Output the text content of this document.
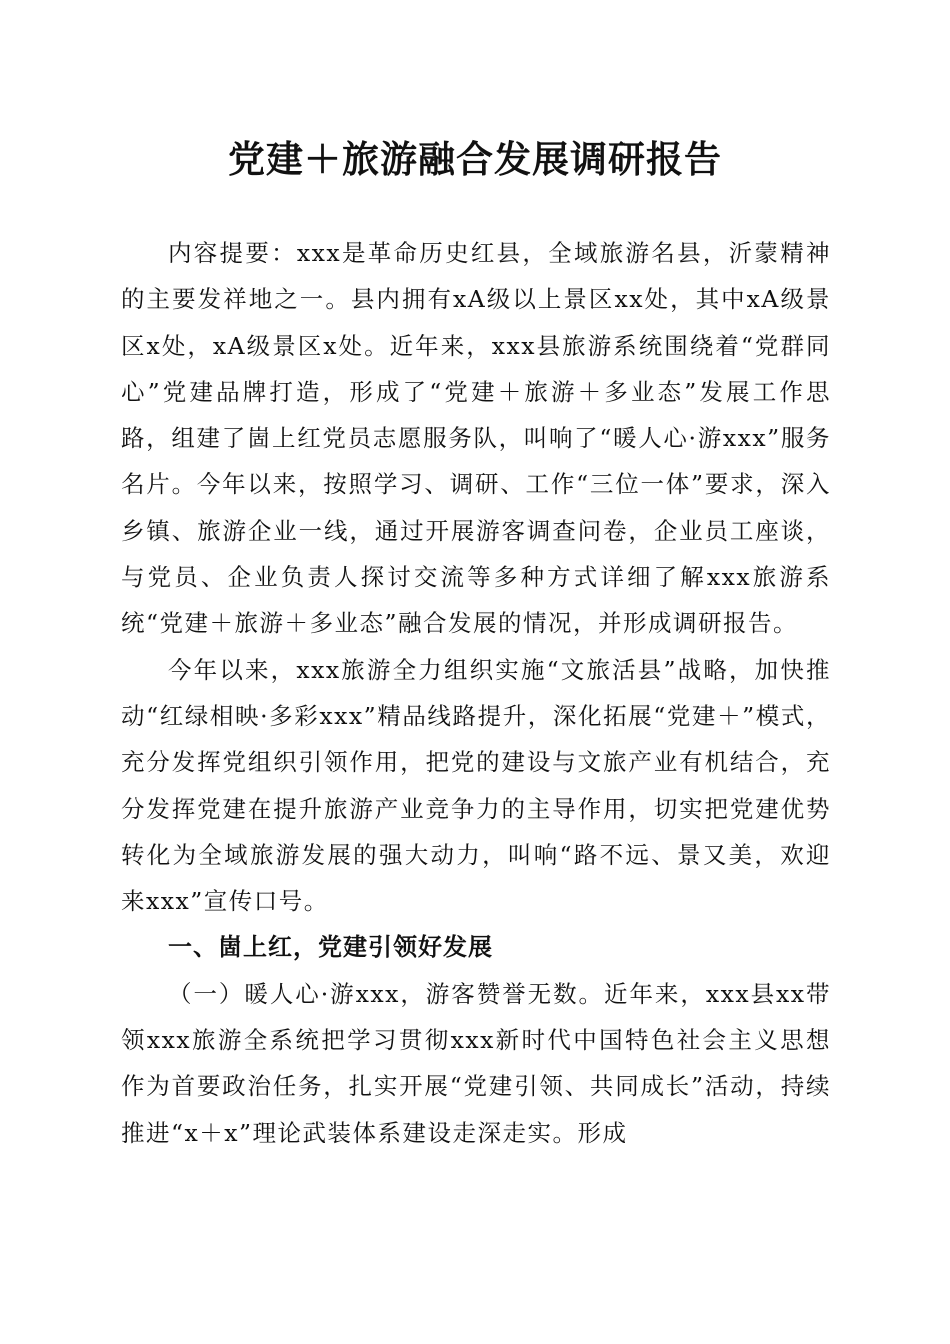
党建＋旅游融合发展调研报告

内容提要：xxx是革命历史红县，全域旅游名县，沂蒙精神的主要发祥地之一。县内拥有xA级以上景区xx处，其中xA级景区x处，xA级景区x处。近年来，xxx县旅游系统围绕着“党群同心”党建品牌打造，形成了“党建＋旅游＋多业态”发展工作思路，组建了崮上红党员志愿服务队，叫响了“暖人心·游xxx”服务名片。今年以来，按照学习、调研、工作“三位一体”要求，深入乡镇、旅游企业一线，通过开展游客调查问卷，企业员工座谈，与党员、企业负责人探讨交流等多种方式详细了解xxx旅游系统“党建＋旅游＋多业态”融合发展的情况，并形成调研报告。

今年以来，xxx旅游全力组织实施“文旅活县”战略，加快推动“红绿相映·多彩xxx”精品线路提升，深化拓展“党建＋”模式，充分发挥党组织引领作用，把党的建设与文旅产业有机结合，充分发挥党建在提升旅游产业竞争力的主导作用，切实把党建优势转化为全域旅游发展的强大动力，叫响“路不远、景又美，欢迎来xxx”宣传口号。

一、崮上红，党建引领好发展

（一）暖人心·游xxx，游客赞誉无数。近年来，xxx县xx带领xxx旅游全系统把学习贯彻xxx新时代中国特色社会主义思想作为首要政治任务，扎实开展“党建引领、共同成长”活动，持续推进“x＋x”理论武装体系建设走深走实。形成
